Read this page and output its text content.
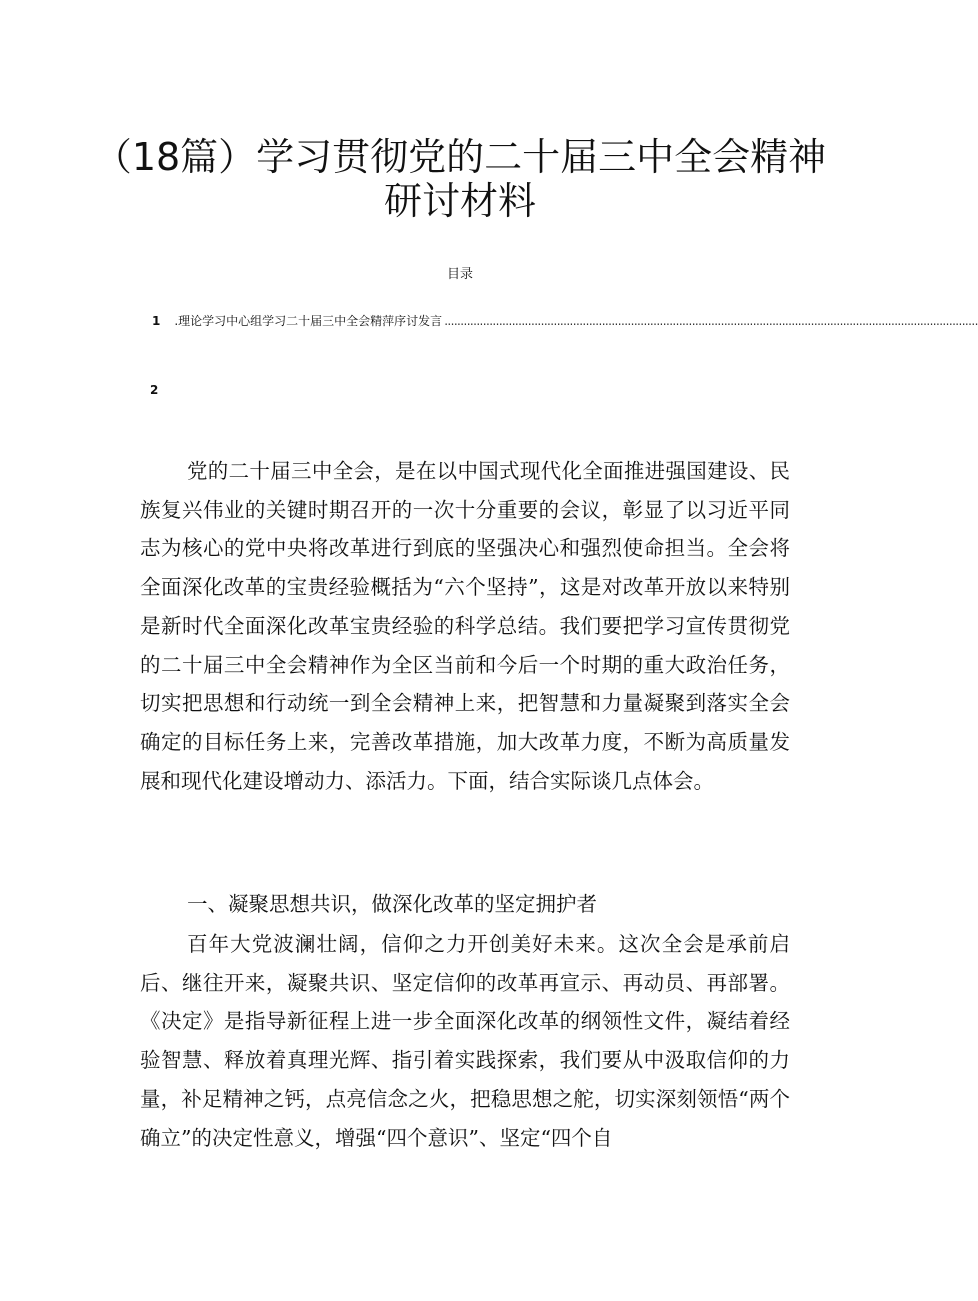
（18篇）学习贯彻党的二十届三中全会精神
研讨材料
目录
1 .理论学习中心组学习二十届三中全会精萍序讨发言 ......................................................................................................................................................................
2

党的二十届三中全会，是在以中国式现代化全面推进强国建设、民族复兴伟业的关键时期召开的一次十分重要的会议，彰显了以习近平同志为核心的党中央将改革进行到底的坚强决心和强烈使命担当。全会将全面深化改革的宝贵经验概括为“六个坚持”，这是对改革开放以来特别是新时代全面深化改革宝贵经验的科学总结。我们要把学习宣传贯彻党的二十届三中全会精神作为全区当前和今后一个时期的重大政治任务，切实把思想和行动统一到全会精神上来，把智慧和力量凝聚到落实全会确定的目标任务上来，完善改革措施，加大改革力度，不断为高质量发展和现代化建设增动力、添活力。下面，结合实际谈几点体会。

一、凝聚思想共识，做深化改革的坚定拥护者

百年大党波澜壮阔，信仰之力开创美好未来。这次全会是承前启后、继往开来，凝聚共识、坚定信仰的改革再宣示、再动员、再部署。《决定》是指导新征程上进一步全面深化改革的纲领性文件，凝结着经验智慧、释放着真理光辉、指引着实践探索，我们要从中汲取信仰的力量，补足精神之钙，点亮信念之火，把稳思想之舵，切实深刻领悟“两个确立”的决定性意义，增强“四个意识”、坚定“四个自
